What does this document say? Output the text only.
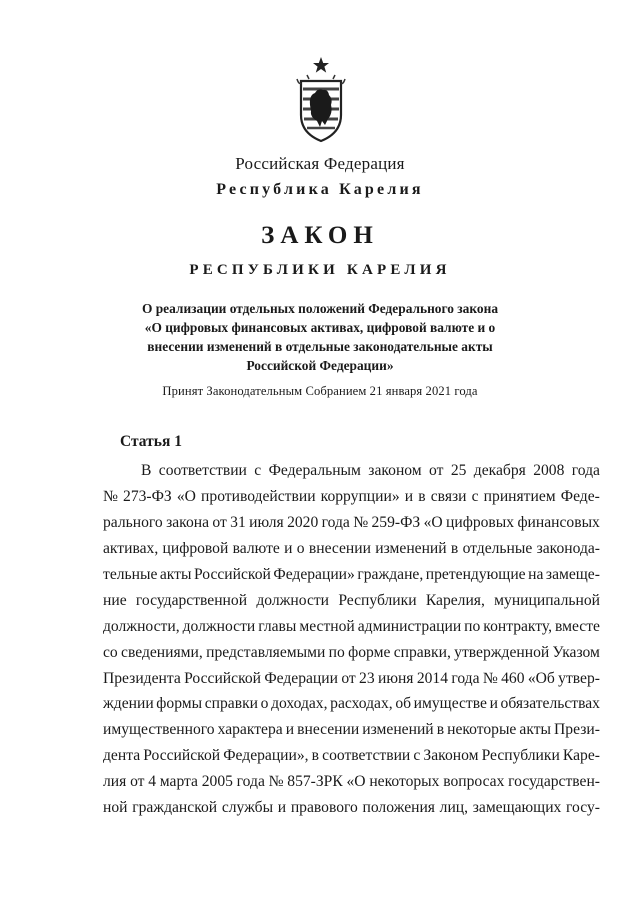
Российская Федерация
Республика Карелия
ЗАКОН
РЕСПУБЛИКИ КАРЕЛИЯ
О реализации отдельных положений Федерального закона
«О цифровых финансовых активах, цифровой валюте и о
внесении изменений в отдельные законодательные акты
Российской Федерации»
Принят Законодательным Собранием 21 января 2021 года
Статья 1
В соответствии с Федеральным законом от 25 декабря 2008 года
№ 273-ФЗ «О противодействии коррупции» и в связи с принятием Феде-
рального закона от 31 июля 2020 года № 259-ФЗ «О цифровых финансовых
активах, цифровой валюте и о внесении изменений в отдельные законода-
тельные акты Российской Федерации» граждане, претендующие на замеще-
ние государственной должности Республики Карелия, муниципальной
должности, должности главы местной администрации по контракту, вместе
со сведениями, представляемыми по форме справки, утвержденной Указом
Президента Российской Федерации от 23 июня 2014 года № 460 «Об утвер-
ждении формы справки о доходах, расходах, об имуществе и обязательствах
имущественного характера и внесении изменений в некоторые акты Прези-
дента Российской Федерации», в соответствии с Законом Республики Каре-
лия от 4 марта 2005 года № 857-ЗРК «О некоторых вопросах государствен-
ной гражданской службы и правового положения лиц, замещающих госу-
